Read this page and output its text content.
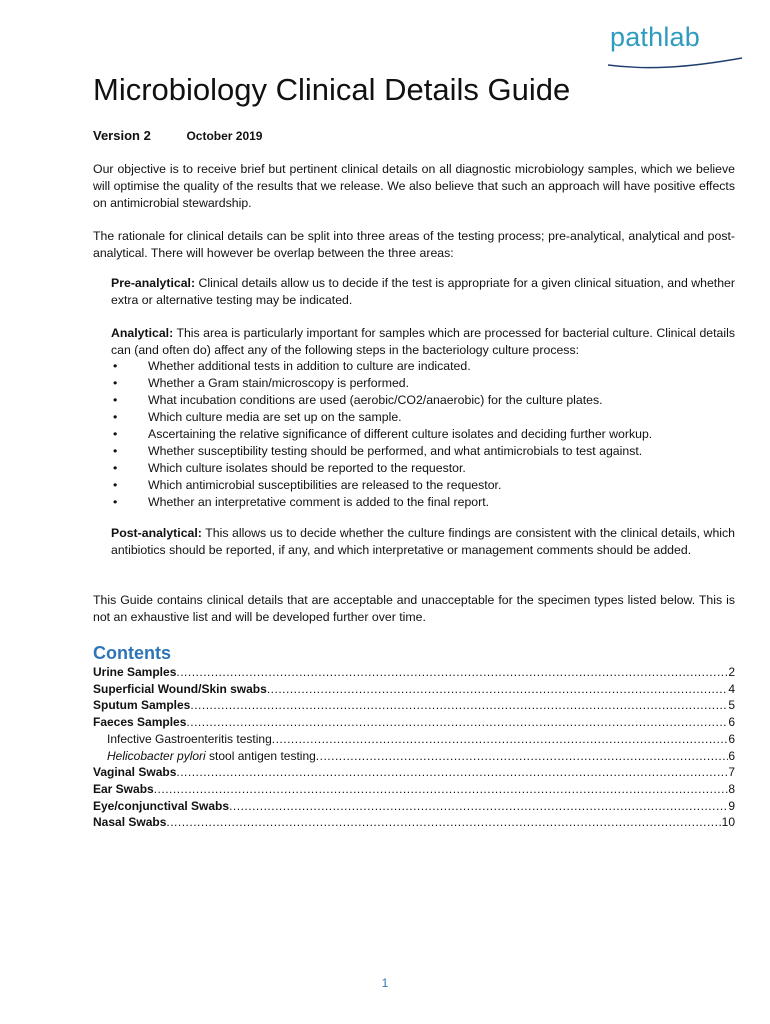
pathlab
Microbiology Clinical Details Guide
Version 2	October 2019

Our objective is to receive brief but pertinent clinical details on all diagnostic microbiology samples, which we believe will optimise the quality of the results that we release. We also believe that such an approach will have positive effects on antimicrobial stewardship.

The rationale for clinical details can be split into three areas of the testing process; pre-analytical, analytical and post-analytical. There will however be overlap between the three areas:

Pre-analytical: Clinical details allow us to decide if the test is appropriate for a given clinical situation, and whether extra or alternative testing may be indicated.

Analytical: This area is particularly important for samples which are processed for bacterial culture. Clinical details can (and often do) affect any of the following steps in the bacteriology culture process:

• Whether additional tests in addition to culture are indicated.
• Whether a Gram stain/microscopy is performed.
• What incubation conditions are used (aerobic/CO2/anaerobic) for the culture plates.
• Which culture media are set up on the sample.
• Ascertaining the relative significance of different culture isolates and deciding further workup.
• Whether susceptibility testing should be performed, and what antimicrobials to test against.
• Which culture isolates should be reported to the requestor.
• Which antimicrobial susceptibilities are released to the requestor.
• Whether an interpretative comment is added to the final report.

Post-analytical: This allows us to decide whether the culture findings are consistent with the clinical details, which antibiotics should be reported, if any, and which interpretative or management comments should be added.

This Guide contains clinical details that are acceptable and unacceptable for the specimen types listed below. This is not an exhaustive list and will be developed further over time.

Contents
Urine Samples .....	2
Superficial Wound/Skin swabs .....	4
Sputum Samples .....	5
Faeces Samples .....	6
Infective Gastroenteritis testing .....	6
Helicobacter pylori stool antigen testing .....	6
Vaginal Swabs .....	7
Ear Swabs .....	8
Eye/conjunctival Swabs .....	9
Nasal Swabs .....	10
1
